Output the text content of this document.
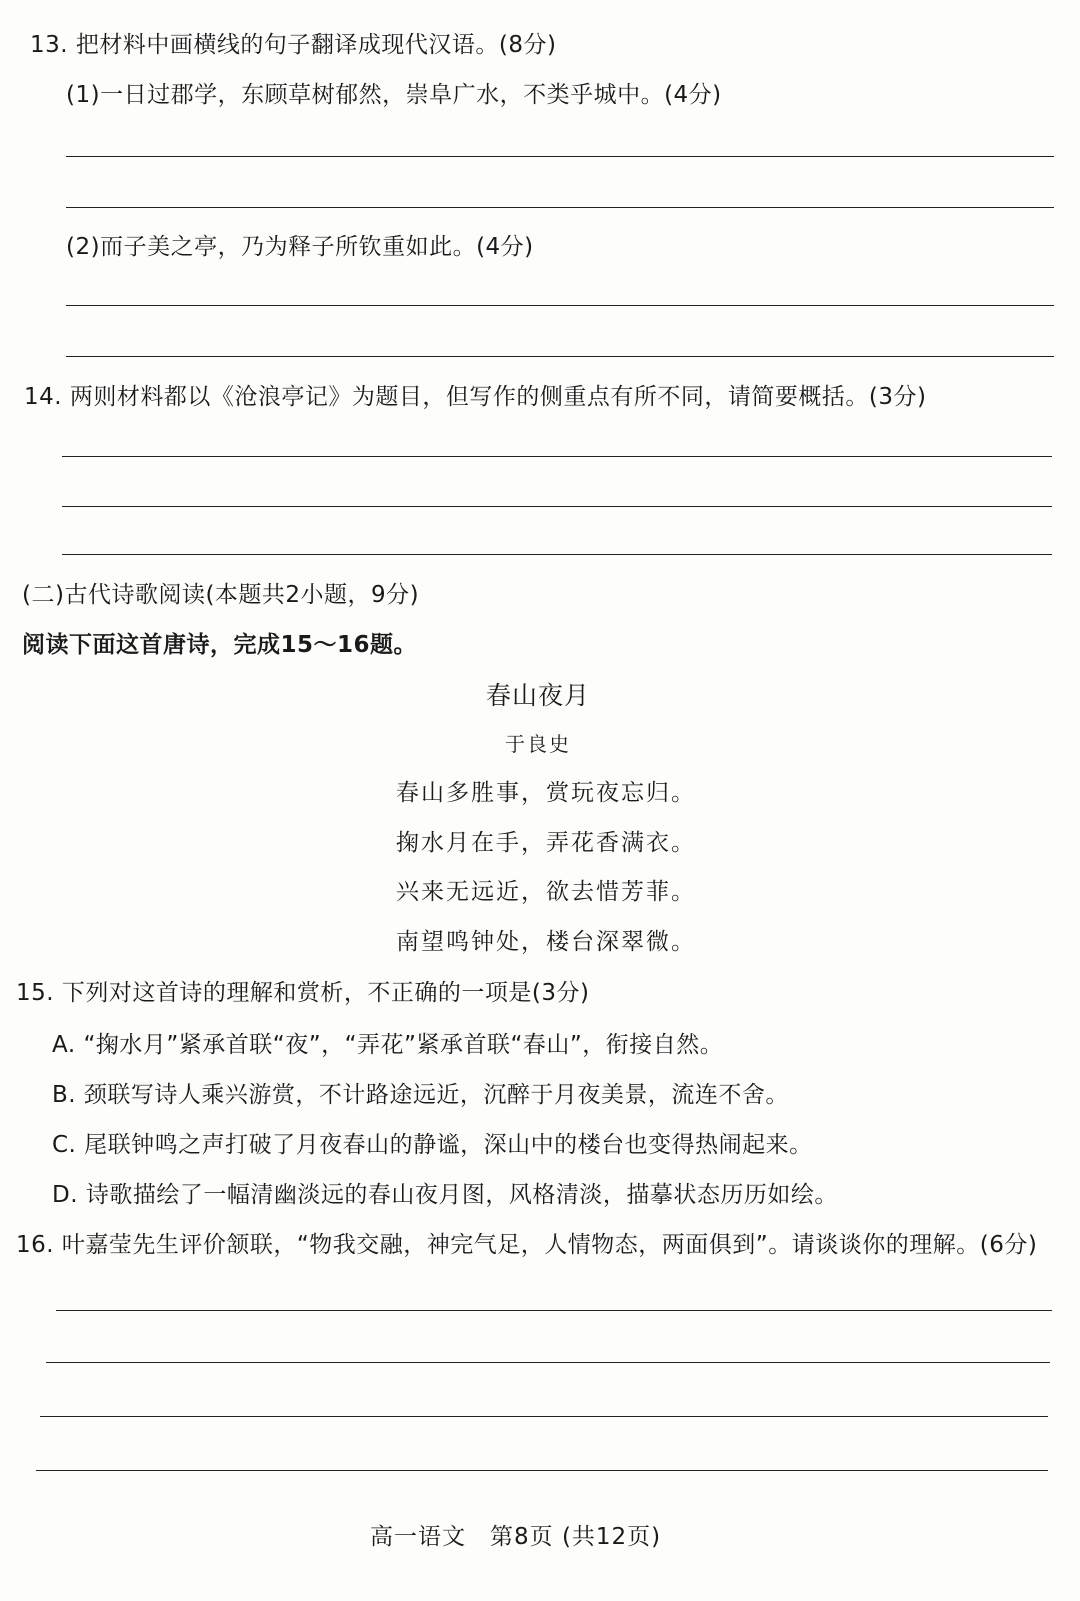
13. 把材料中画横线的句子翻译成现代汉语。(8分)
(1)一日过郡学，东顾草树郁然，崇阜广水，不类乎城中。(4分)
(2)而子美之亭，乃为释子所钦重如此。(4分)
14. 两则材料都以《沧浪亭记》为题目，但写作的侧重点有所不同，请简要概括。(3分)
(二)古代诗歌阅读(本题共2小题，9分)
阅读下面这首唐诗，完成15～16题。
春山夜月
于良史
春山多胜事，赏玩夜忘归。
掬水月在手，弄花香满衣。
兴来无远近，欲去惜芳菲。
南望鸣钟处，楼台深翠微。
15. 下列对这首诗的理解和赏析，不正确的一项是(3分)
A. “掬水月”紧承首联“夜”，“弄花”紧承首联“春山”，衔接自然。
B. 颈联写诗人乘兴游赏，不计路途远近，沉醉于月夜美景，流连不舍。
C. 尾联钟鸣之声打破了月夜春山的静谧，深山中的楼台也变得热闹起来。
D. 诗歌描绘了一幅清幽淡远的春山夜月图，风格清淡，描摹状态历历如绘。
16. 叶嘉莹先生评价颔联，“物我交融，神完气足，人情物态，两面俱到”。请谈谈你的理解。(6分)
高一语文　第8页 (共12页)
